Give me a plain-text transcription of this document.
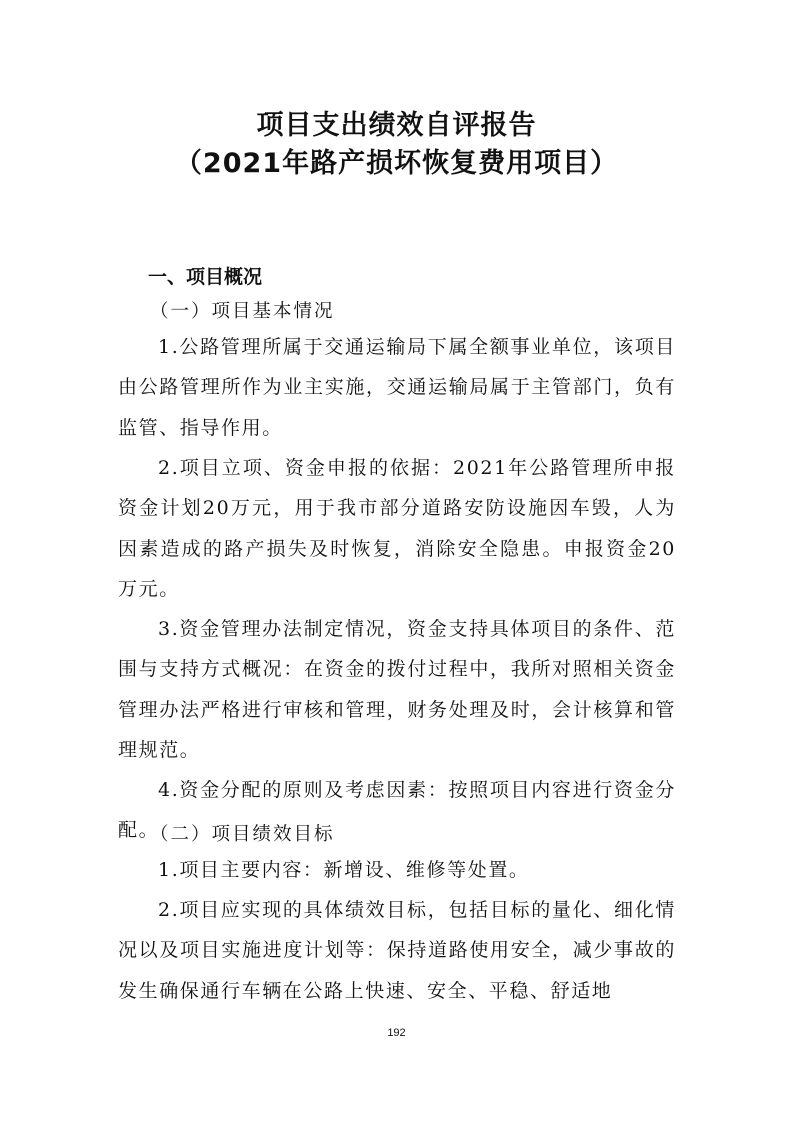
项目支出绩效自评报告
（2021年路产损坏恢复费用项目）
一、项目概况
（一）项目基本情况
1.公路管理所属于交通运输局下属全额事业单位，该项目由公路管理所作为业主实施，交通运输局属于主管部门，负有监管、指导作用。
2.项目立项、资金申报的依据：2021年公路管理所申报资金计划20万元，用于我市部分道路安防设施因车毁，人为因素造成的路产损失及时恢复，消除安全隐患。申报资金20万元。
3.资金管理办法制定情况，资金支持具体项目的条件、范围与支持方式概况：在资金的拨付过程中，我所对照相关资金管理办法严格进行审核和管理，财务处理及时，会计核算和管理规范。
4.资金分配的原则及考虑因素：按照项目内容进行资金分配。
（二）项目绩效目标
1.项目主要内容：新增设、维修等处置。
2.项目应实现的具体绩效目标，包括目标的量化、细化情况以及项目实施进度计划等：保持道路使用安全，减少事故的发生确保通行车辆在公路上快速、安全、平稳、舒适地
192
